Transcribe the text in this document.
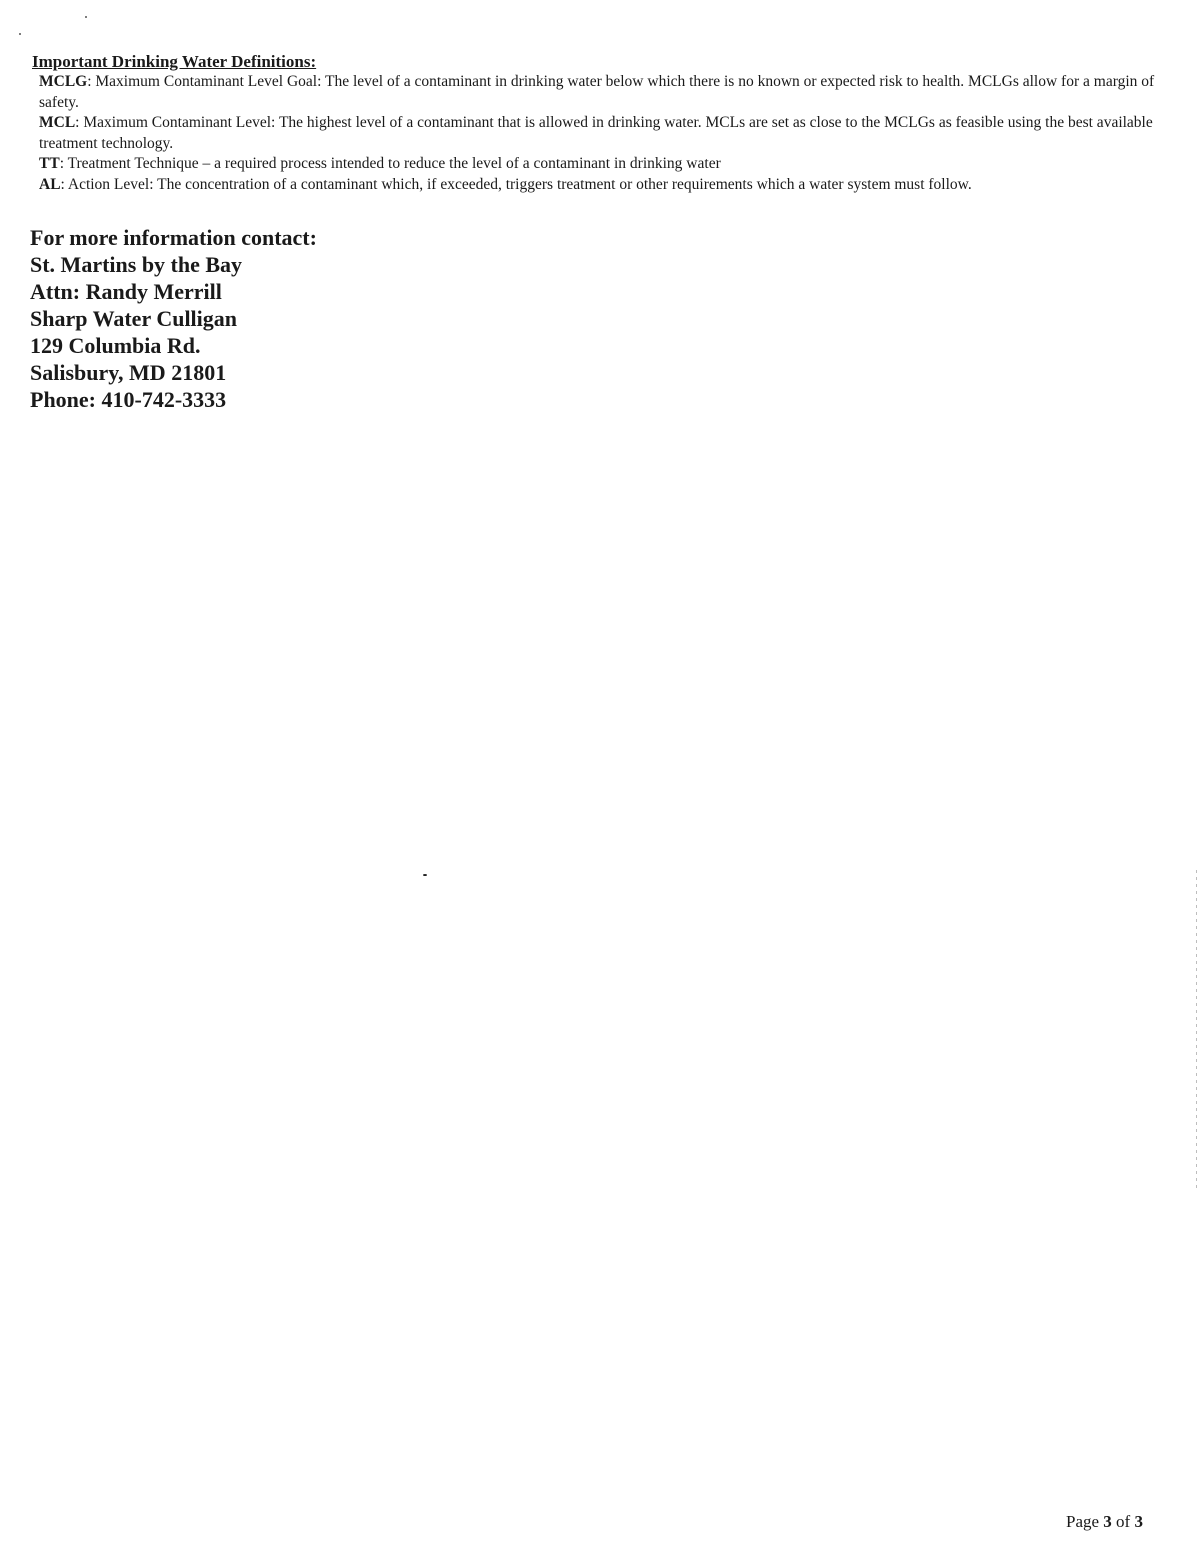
Important Drinking Water Definitions:

MCLG: Maximum Contaminant Level Goal: The level of a contaminant in drinking water below which there is no known or expected risk to health. MCLGs allow for a margin of safety.

MCL: Maximum Contaminant Level: The highest level of a contaminant that is allowed in drinking water. MCLs are set as close to the MCLGs as feasible using the best available treatment technology.

TT: Treatment Technique – a required process intended to reduce the level of a contaminant in drinking water

AL: Action Level: The concentration of a contaminant which, if exceeded, triggers treatment or other requirements which a water system must follow.

For more information contact:

St. Martins by the Bay

Attn: Randy Merrill

Sharp Water Culligan

129 Columbia Rd.

Salisbury, MD 21801

Phone: 410-742-3333

Page 3 of 3
